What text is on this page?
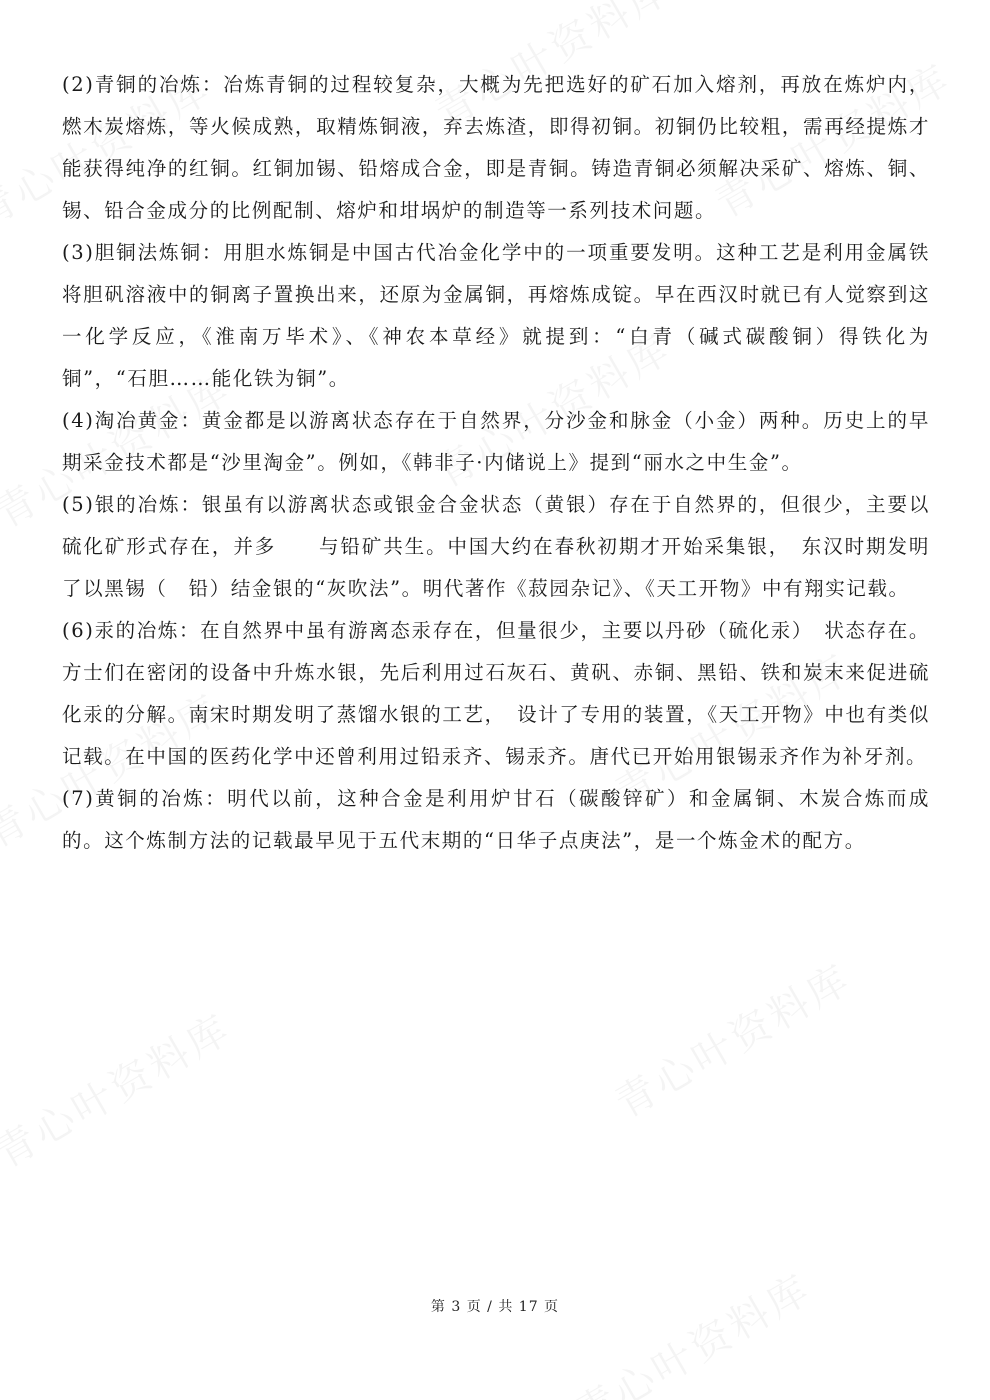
(2)青铜的冶炼：冶炼青铜的过程较复杂，大概为先把选好的矿石加入熔剂，再放在炼炉内，燃木炭熔炼，等火候成熟，取精炼铜液，弃去炼渣，即得初铜。初铜仍比较粗，需再经提炼才能获得纯净的红铜。红铜加锡、铅熔成合金，即是青铜。铸造青铜必须解决采矿、熔炼、铜、锡、铅合金成分的比例配制、熔炉和坩埚炉的制造等一系列技术问题。

(3)胆铜法炼铜：用胆水炼铜是中国古代冶金化学中的一项重要发明。这种工艺是利用金属铁将胆矾溶液中的铜离子置换出来，还原为金属铜，再熔炼成锭。早在西汉时就已有人觉察到这一化学反应，《淮南万毕术》、《神农本草经》就提到：“白青（碱式碳酸铜）得铁化为铜”，“石胆……能化铁为铜”。

(4)淘冶黄金：黄金都是以游离状态存在于自然界，分沙金和脉金（小金）两种。历史上的早期采金技术都是“沙里淘金”。例如，《韩非子·内储说上》提到“丽水之中生金”。

(5)银的冶炼：银虽有以游离状态或银金合金状态（黄银）存在于自然界的，但很少，主要以硫化矿形式存在，并多　　与铅矿共生。中国大约在春秋初期才开始采集银，　东汉时期发明了以黑锡（　铅）结金银的“灰吹法”。明代著作《菽园杂记》、《天工开物》中有翔实记载。

(6)汞的冶炼：在自然界中虽有游离态汞存在，但量很少，主要以丹砂（硫化汞）　状态存在。方士们在密闭的设备中升炼水银，先后利用过石灰石、黄矾、赤铜、黑铅、铁和炭末来促进硫化汞的分解。南宋时期发明了蒸馏水银的工艺，　设计了专用的装置，《天工开物》中也有类似记载。在中国的医药化学中还曾利用过铅汞齐、锡汞齐。唐代已开始用银锡汞齐作为补牙剂。

(7)黄铜的冶炼：明代以前，这种合金是利用炉甘石（碳酸锌矿）和金属铜、木炭合炼而成的。这个炼制方法的记载最早见于五代末期的“日华子点庚法”，是一个炼金术的配方。

第 3 页 / 共 17 页
